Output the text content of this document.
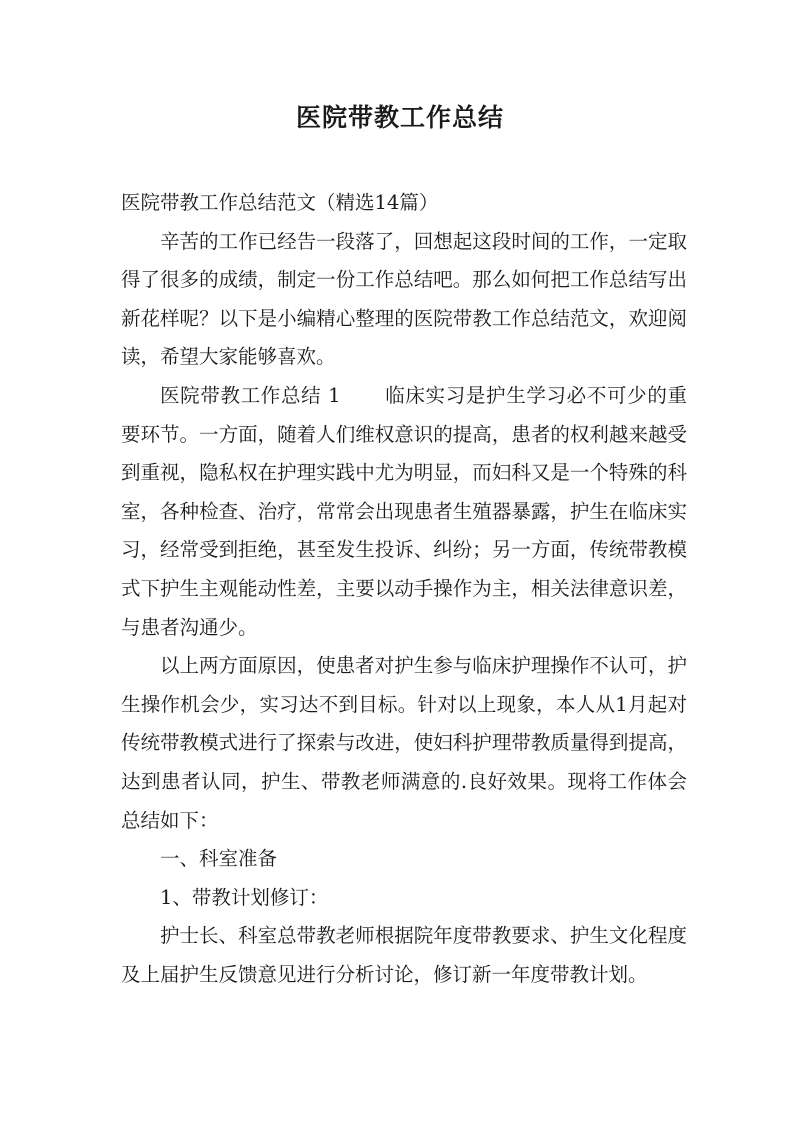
医院带教工作总结

医院带教工作总结范文（精选14篇）

辛苦的工作已经告一段落了，回想起这段时间的工作，一定取得了很多的成绩，制定一份工作总结吧。那么如何把工作总结写出新花样呢？以下是小编精心整理的医院带教工作总结范文，欢迎阅读，希望大家能够喜欢。

医院带教工作总结 1 临床实习是护生学习必不可少的重要环节。一方面，随着人们维权意识的提高，患者的权利越来越受到重视，隐私权在护理实践中尤为明显，而妇科又是一个特殊的科室，各种检查、治疗，常常会出现患者生殖器暴露，护生在临床实习，经常受到拒绝，甚至发生投诉、纠纷；另一方面，传统带教模式下护生主观能动性差，主要以动手操作为主，相关法律意识差，与患者沟通少。

以上两方面原因，使患者对护生参与临床护理操作不认可，护生操作机会少，实习达不到目标。针对以上现象，本人从1月起对传统带教模式进行了探索与改进，使妇科护理带教质量得到提高，达到患者认同，护生、带教老师满意的.良好效果。现将工作体会总结如下：

一、科室准备

1、带教计划修订：

护士长、科室总带教老师根据院年度带教要求、护生文化程度及上届护生反馈意见进行分析讨论，修订新一年度带教计划。
